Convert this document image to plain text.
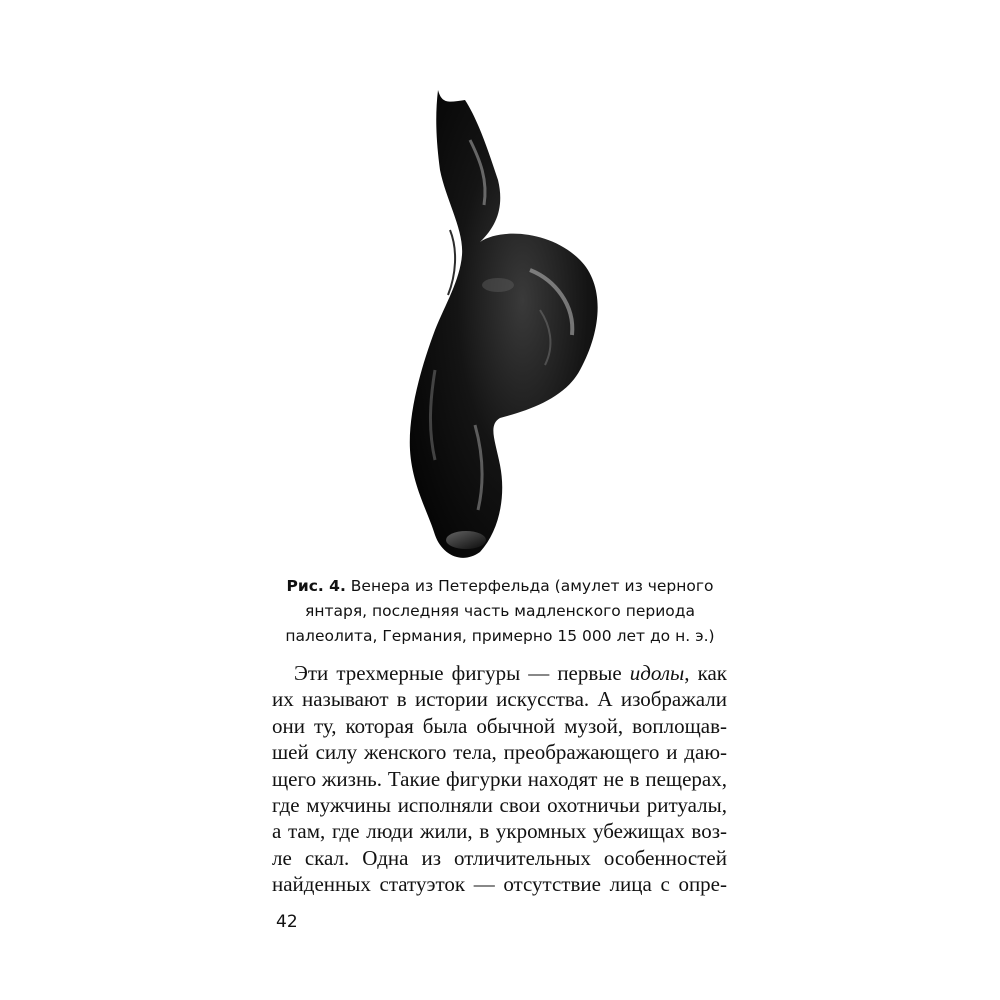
Рис. 4. Венера из Петерфельда (амулет из черного янтаря, последняя часть мадленского периода палеолита, Германия, примерно 15 000 лет до н. э.)
Эти трехмерные фигуры — первые идолы, как
их называют в истории искусства. А изображали
они ту, которая была обычной музой, воплощав-
шей силу женского тела, преображающего и даю-
щего жизнь. Такие фигурки находят не в пещерах,
где мужчины исполняли свои охотничьи ритуалы,
а там, где люди жили, в укромных убежищах воз-
ле скал. Одна из отличительных особенностей
найденных статуэток — отсутствие лица с опре-
42
